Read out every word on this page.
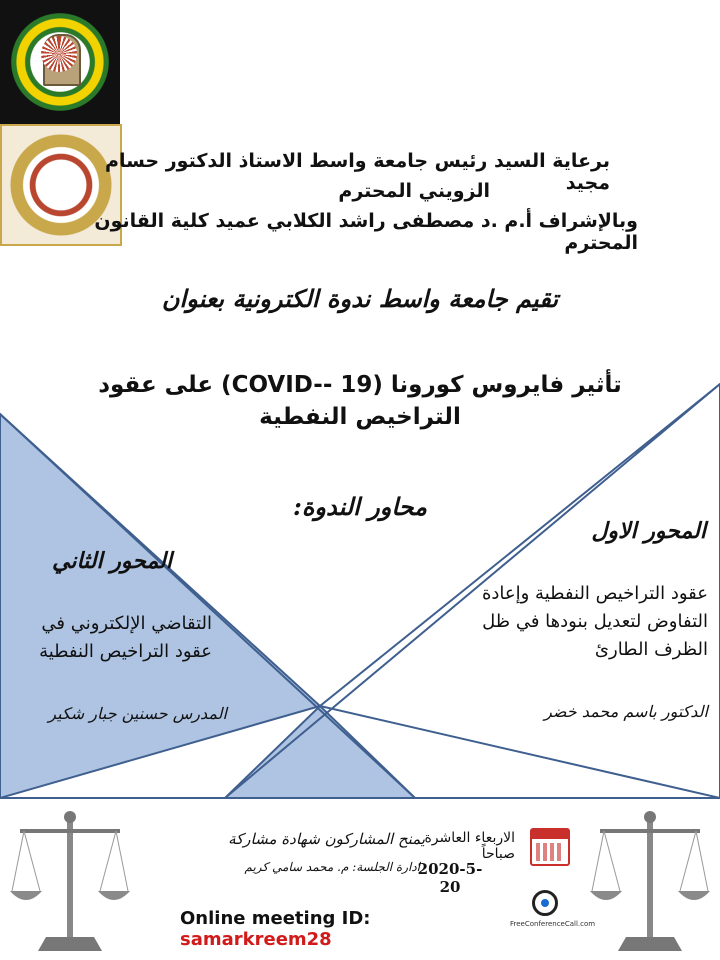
برعاية السيد رئيس جامعة واسط الاستاذ الدكتور حسام مجيد
الزويني المحترم
وبالإشراف أ.م .د مصطفى راشد الكلابي عميد كلية القانون المحترم
تقيم جامعة واسط ندوة الكترونية بعنوان
تأثير فايروس كورونا (COVID-- 19) على عقود
التراخيص النفطية
محاور الندوة:
المحور الثاني
التقاضي الإلكتروني في عقود التراخيص النفطية
المدرس حسنين جبار شكير
المحور الاول
عقود التراخيص النفطية وإعادة التفاوض لتعديل بنودها في ظل الظرف الطارئ
الدكتور باسم محمد خضر
يمنح المشاركون شهادة مشاركة
ادارة الجلسة: م. محمد سامي كريم
الاربعاء العاشرة صباحاً
2020-5- 20
Online meeting ID: samarkreem28
FreeConferenceCall.com
